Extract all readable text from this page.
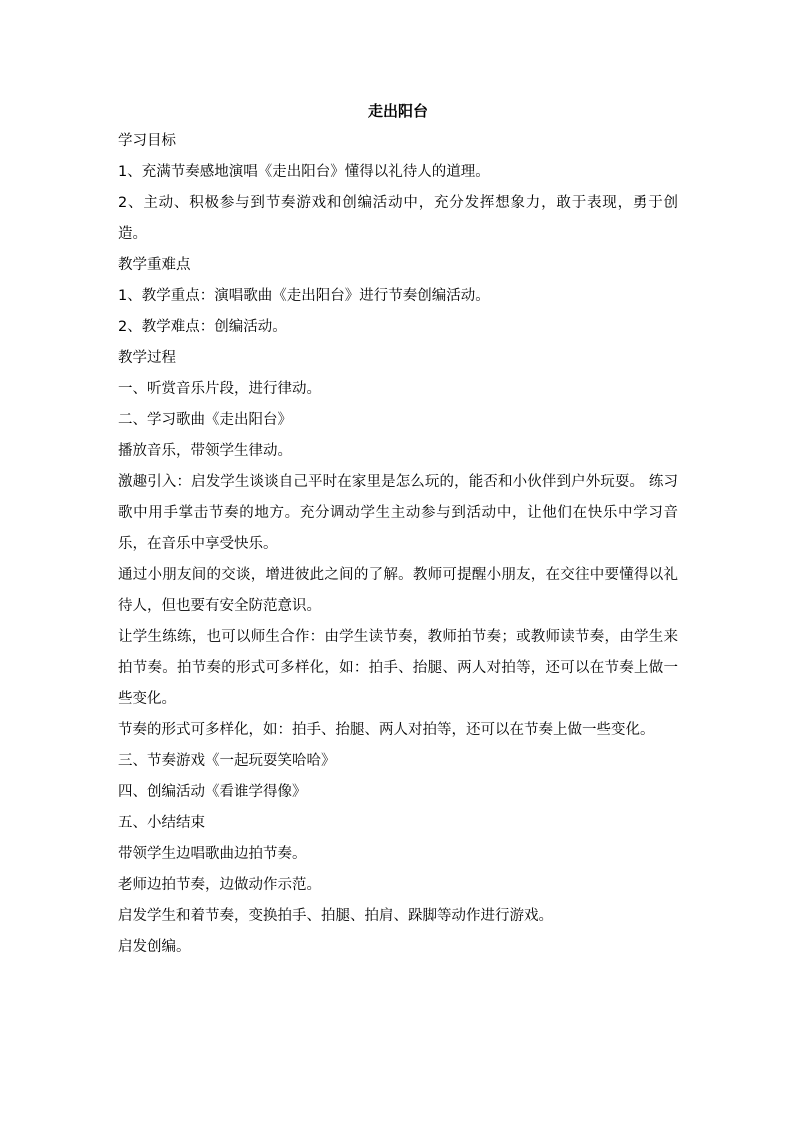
走出阳台

学习目标

1、充满节奏感地演唱《走出阳台》懂得以礼待人的道理。

2、主动、积极参与到节奏游戏和创编活动中，充分发挥想象力，敢于表现，勇于创造。

教学重难点

1、教学重点：演唱歌曲《走出阳台》进行节奏创编活动。

2、教学难点：创编活动。

教学过程

一、听赏音乐片段，进行律动。

二、学习歌曲《走出阳台》

播放音乐，带领学生律动。

激趣引入：启发学生谈谈自己平时在家里是怎么玩的，能否和小伙伴到户外玩耍。 练习歌中用手掌击节奏的地方。充分调动学生主动参与到活动中，让他们在快乐中学习音乐，在音乐中享受快乐。

通过小朋友间的交谈，增进彼此之间的了解。教师可提醒小朋友，在交往中要懂得以礼待人，但也要有安全防范意识。

让学生练练，也可以师生合作：由学生读节奏，教师拍节奏；或教师读节奏，由学生来拍节奏。拍节奏的形式可多样化，如：拍手、抬腿、两人对拍等，还可以在节奏上做一些变化。

节奏的形式可多样化，如：拍手、抬腿、两人对拍等，还可以在节奏上做一些变化。

三、节奏游戏《一起玩耍笑哈哈》

四、创编活动《看谁学得像》

五、小结结束

带领学生边唱歌曲边拍节奏。

老师边拍节奏，边做动作示范。

启发学生和着节奏，变换拍手、拍腿、拍肩、跺脚等动作进行游戏。

启发创编。
